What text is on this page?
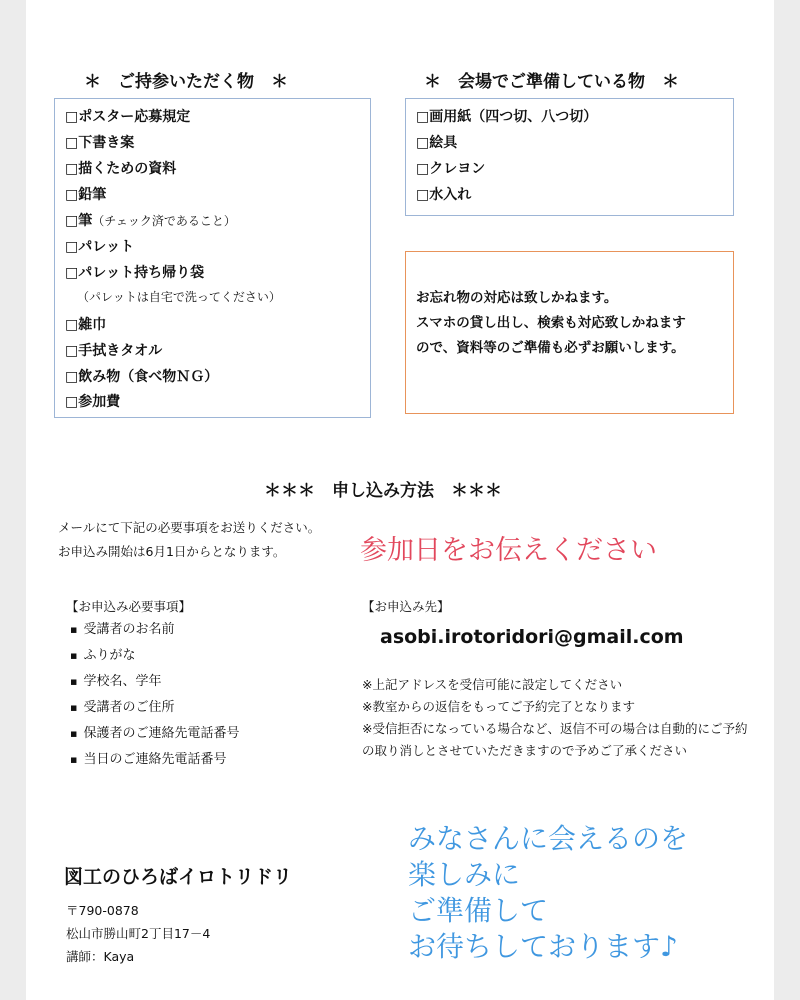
＊　ご持参いただく物　＊
□ポスター応募規定
□下書き案
□描くための資料
□鉛筆
□筆（チェック済であること）
□パレット
□パレット持ち帰り袋
（パレットは自宅で洗ってください）
□雑巾
□手拭きタオル
□飲み物（食べ物ＮＧ）
□参加費
＊　会場でご準備している物　＊
□画用紙（四つ切、八つ切）
□絵具
□クレヨン
□水入れ
お忘れ物の対応は致しかねます。
スマホの貸し出し、検索も対応致しかねます
ので、資料等のご準備も必ずお願いします。
＊＊＊　申し込み方法　＊＊＊
メールにて下記の必要事項をお送りください。
お申込み開始は6月1日からとなります。	参加日をお伝えください
【お申込み必要事項】
▪ 受講者のお名前
▪ ふりがな
▪ 学校名、学年
▪ 受講者のご住所
▪ 保護者のご連絡先電話番号
▪ 当日のご連絡先電話番号
【お申込み先】
asobi.irotoridori@gmail.com
※上記アドレスを受信可能に設定してください
※教室からの返信をもってご予約完了となります
※受信拒否になっている場合など、返信不可の場合は自動的にご予約の取り消しとさせていただきますので予めご了承ください
図工のひろばイロトリドリ
〒790-0878
松山市勝山町2丁目17－4
講師：Kaya
みなさんに会えるのを
楽しみに
ご準備して
お待ちしております♪
